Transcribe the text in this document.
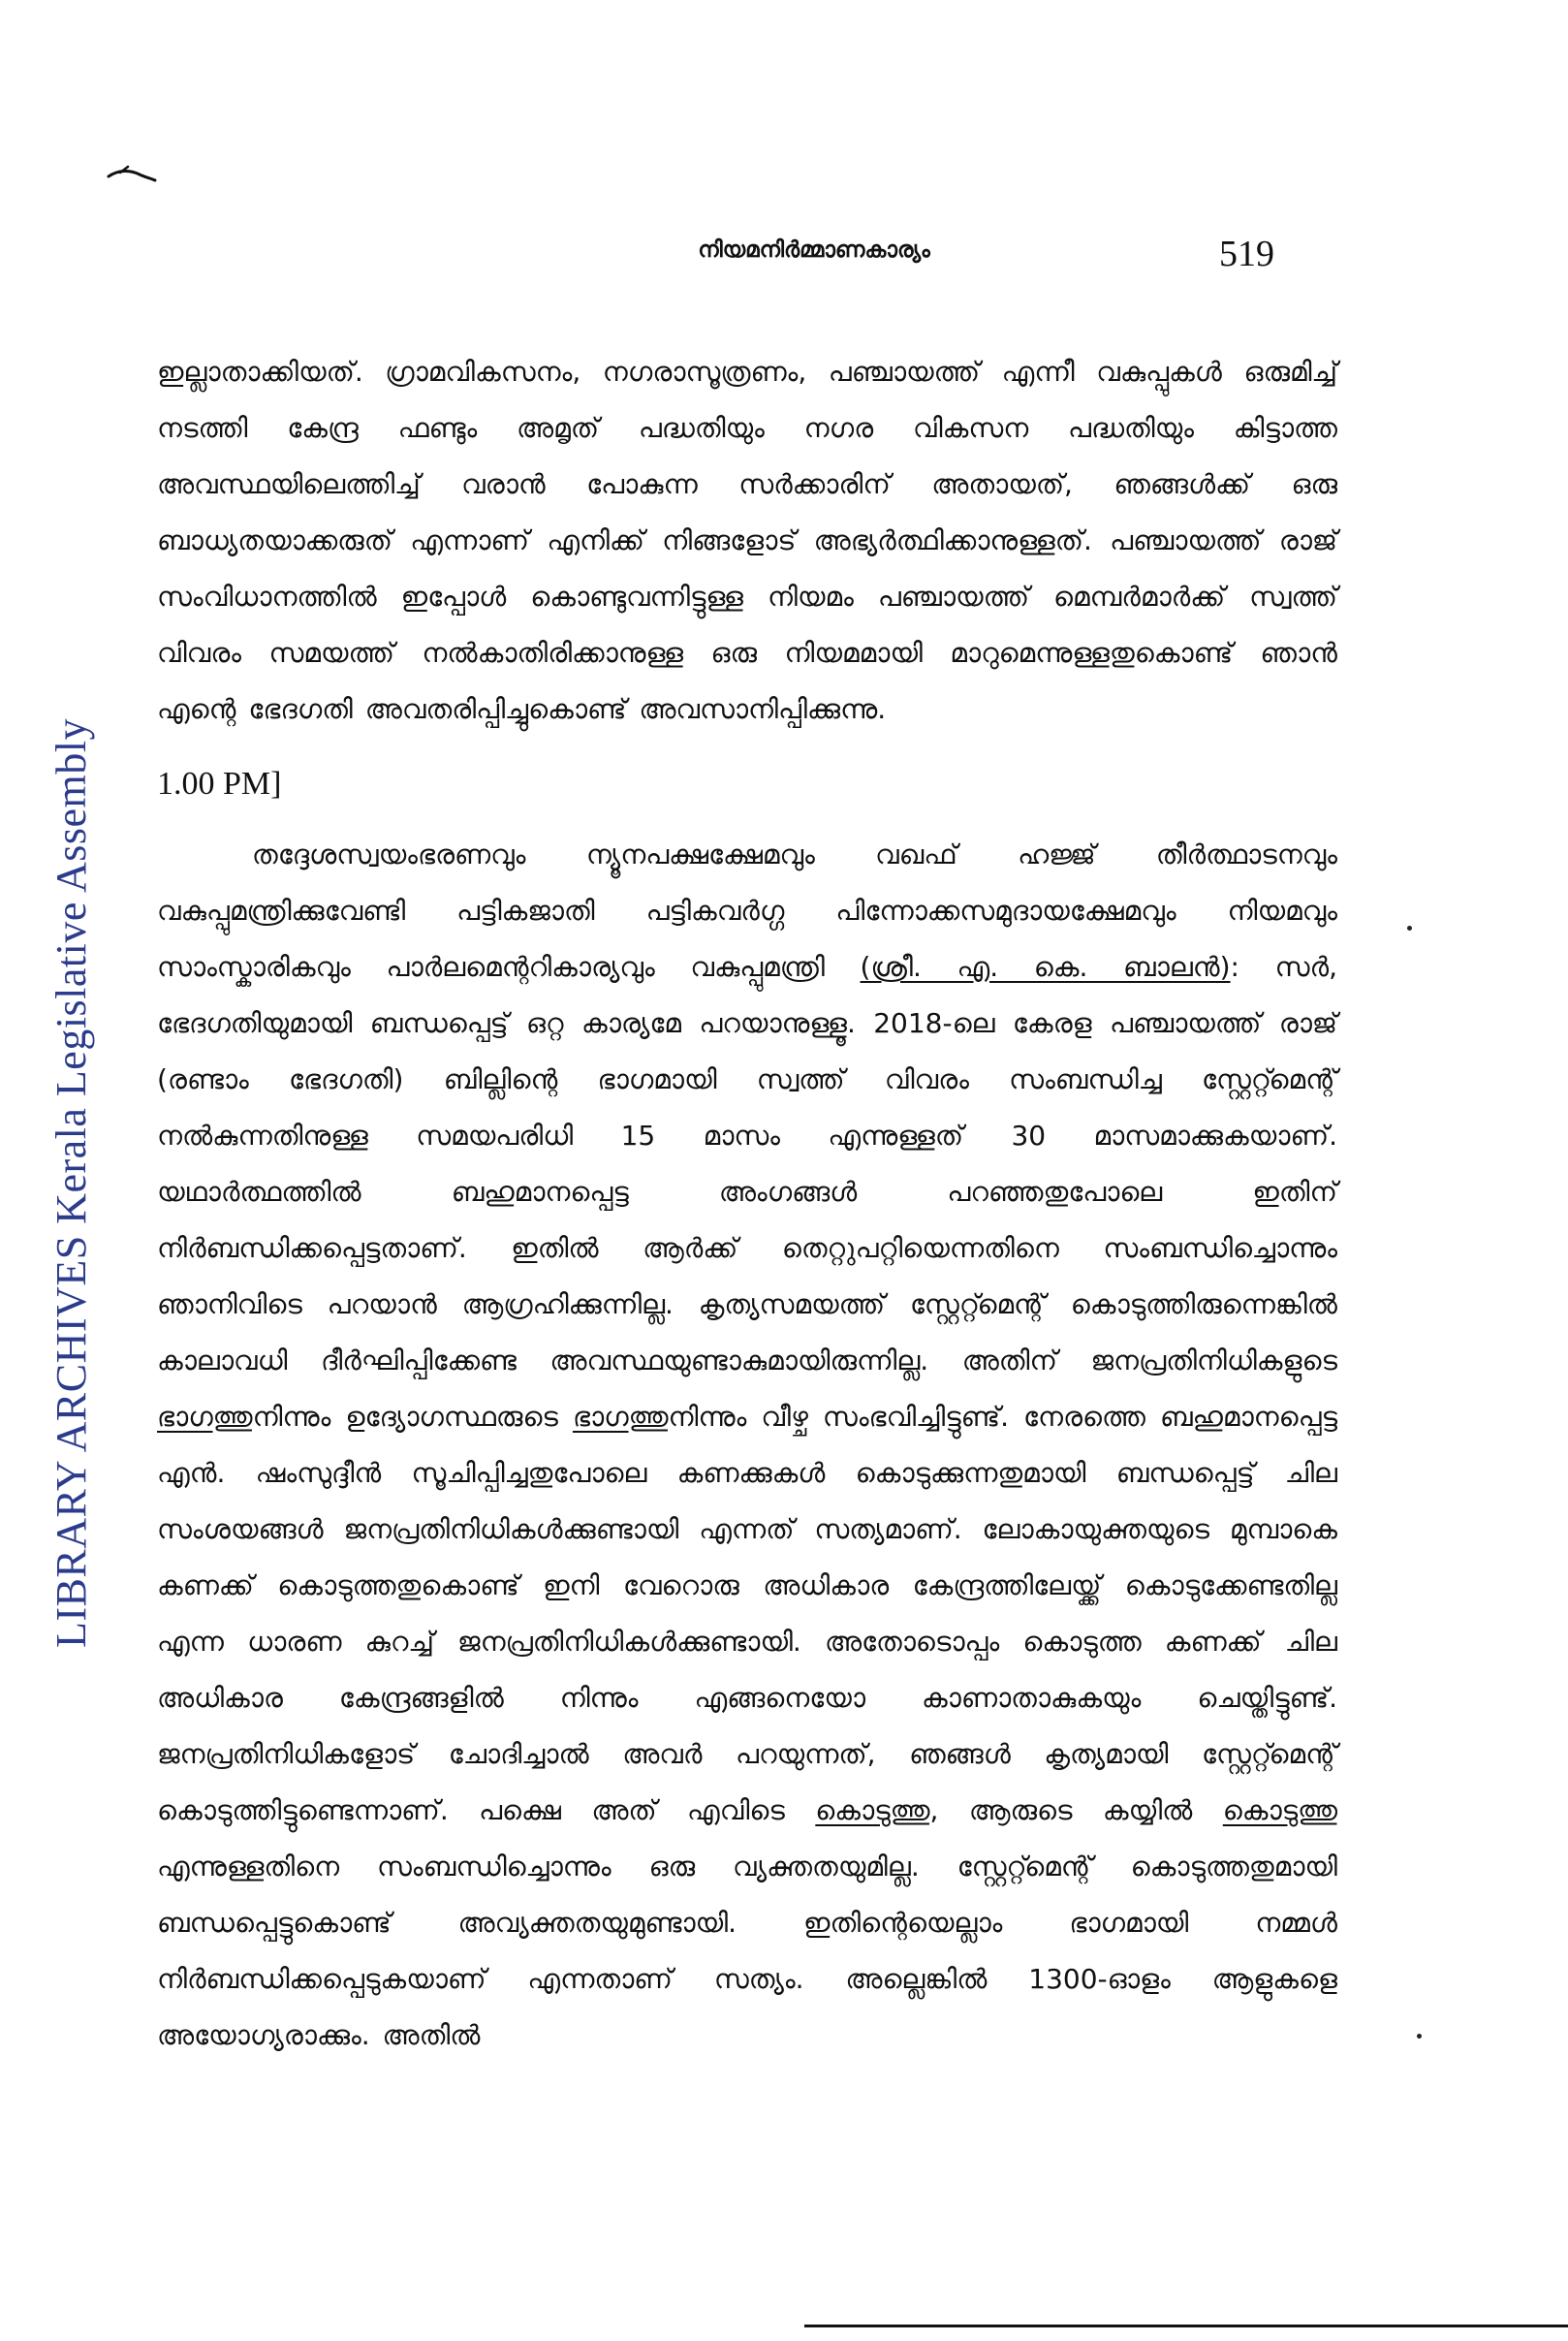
LIBRARY ARCHIVES Kerala Legislative Assembly
നിയമനിർമ്മാണകാര്യം	519

ഇല്ലാതാക്കിയത്. ഗ്രാമവികസനം, നഗരാസൂത്രണം, പഞ്ചായത്ത് എന്നീ വകുപ്പുകൾ ഒരുമിച്ച് നടത്തി കേന്ദ്ര ഫണ്ടും അമൃത് പദ്ധതിയും നഗര വികസന പദ്ധതിയും കിട്ടാത്ത അവസ്ഥയിലെത്തിച്ച് വരാൻ പോകുന്ന സർക്കാരിന് അതായത്, ഞങ്ങൾക്ക് ഒരു ബാധ്യതയാക്കരുത് എന്നാണ് എനിക്ക് നിങ്ങളോട് അഭ്യർത്ഥിക്കാനുള്ളത്. പഞ്ചായത്ത് രാജ് സംവിധാനത്തിൽ ഇപ്പോൾ കൊണ്ടുവന്നിട്ടുള്ള നിയമം പഞ്ചായത്ത് മെമ്പർമാർക്ക് സ്വത്ത് വിവരം സമയത്ത് നൽകാതിരിക്കാനുള്ള ഒരു നിയമമായി മാറുമെന്നുള്ളതുകൊണ്ട് ഞാൻ എന്റെ ഭേദഗതി അവതരിപ്പിച്ചുകൊണ്ട് അവസാനിപ്പിക്കുന്നു.

1.00 PM]

തദ്ദേശസ്വയംഭരണവും ന്യൂനപക്ഷക്ഷേമവും വഖഫ് ഹജ്ജ് തീർത്ഥാടനവും വകുപ്പുമന്ത്രിക്കുവേണ്ടി പട്ടികജാതി പട്ടികവർഗ്ഗ പിന്നോക്കസമുദായക്ഷേമവും നിയമവും സാംസ്കാരികവും പാർലമെന്ററികാര്യവും വകുപ്പുമന്ത്രി (ശ്രീ. എ. കെ. ബാലൻ): സർ, ഭേദഗതിയുമായി ബന്ധപ്പെട്ട് ഒറ്റ കാര്യമേ പറയാനുള്ളൂ. 2018-ലെ കേരള പഞ്ചായത്ത് രാജ് (രണ്ടാം ഭേദഗതി) ബില്ലിന്റെ ഭാഗമായി സ്വത്ത് വിവരം സംബന്ധിച്ച സ്റ്റേറ്റ്മെന്റ് നൽകുന്നതിനുള്ള സമയപരിധി 15 മാസം എന്നുള്ളത് 30 മാസമാക്കുകയാണ്. യഥാർത്ഥത്തിൽ ബഹുമാനപ്പെട്ട അംഗങ്ങൾ പറഞ്ഞതുപോലെ ഇതിന് നിർബന്ധിക്കപ്പെട്ടതാണ്. ഇതിൽ ആർക്ക് തെറ്റുപറ്റിയെന്നതിനെ സംബന്ധിച്ചൊന്നും ഞാനിവിടെ പറയാൻ ആഗ്രഹിക്കുന്നില്ല. കൃത്യസമയത്ത് സ്റ്റേറ്റ്മെന്റ് കൊടുത്തിരുന്നെങ്കിൽ കാലാവധി ദീർഘിപ്പിക്കേണ്ട അവസ്ഥയുണ്ടാകുമായിരുന്നില്ല. അതിന് ജനപ്രതിനിധികളുടെ ഭാഗത്തുനിന്നും ഉദ്യോഗസ്ഥരുടെ ഭാഗത്തുനിന്നും വീഴ്ച സംഭവിച്ചിട്ടുണ്ട്. നേരത്തെ ബഹുമാനപ്പെട്ട എൻ. ഷംസുദ്ദീൻ സൂചിപ്പിച്ചതുപോലെ കണക്കുകൾ കൊടുക്കുന്നതുമായി ബന്ധപ്പെട്ട് ചില സംശയങ്ങൾ ജനപ്രതിനിധികൾക്കുണ്ടായി എന്നത് സത്യമാണ്. ലോകായുക്തയുടെ മുമ്പാകെ കണക്ക് കൊടുത്തതുകൊണ്ട് ഇനി വേറൊരു അധികാര കേന്ദ്രത്തിലേയ്ക്ക് കൊടുക്കേണ്ടതില്ല എന്ന ധാരണ കുറച്ച് ജനപ്രതിനിധികൾക്കുണ്ടായി. അതോടൊപ്പം കൊടുത്ത കണക്ക് ചില അധികാര കേന്ദ്രങ്ങളിൽ നിന്നും എങ്ങനെയോ കാണാതാകുകയും ചെയ്തിട്ടുണ്ട്. ജനപ്രതിനിധികളോട് ചോദിച്ചാൽ അവർ പറയുന്നത്, ഞങ്ങൾ കൃത്യമായി സ്റ്റേറ്റ്മെന്റ് കൊടുത്തിട്ടുണ്ടെന്നാണ്. പക്ഷെ അത് എവിടെ കൊടുത്തു, ആരുടെ കയ്യിൽ കൊടുത്തു എന്നുള്ളതിനെ സംബന്ധിച്ചൊന്നും ഒരു വ്യക്തതയുമില്ല. സ്റ്റേറ്റ്മെന്റ് കൊടുത്തതുമായി ബന്ധപ്പെട്ടുകൊണ്ട് അവ്യക്തതയുമുണ്ടായി. ഇതിന്റെയെല്ലാം ഭാഗമായി നമ്മൾ നിർബന്ധിക്കപ്പെടുകയാണ് എന്നതാണ് സത്യം. അല്ലെങ്കിൽ 1300-ഓളം ആളുകളെ അയോഗ്യരാക്കും. അതിൽ
